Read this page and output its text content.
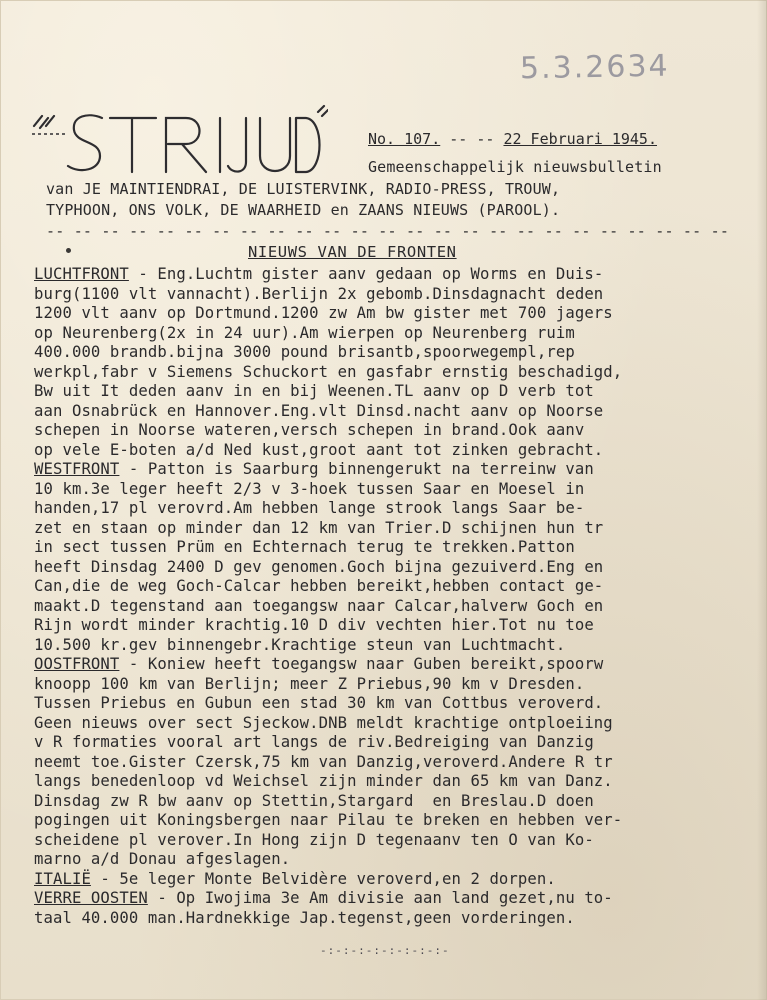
5.3.2634
No. 107. -- -- 22 Februari 1945.
Gemeenschappelijk nieuwsbulletin
van JE MAINTIENDRAI, DE LUISTERVINK, RADIO-PRESS, TROUW,
TYPHOON, ONS VOLK, DE WAARHEID en ZAANS NIEUWS (PAROOL).
-- -- -- -- -- -- -- -- -- -- -- -- -- -- -- -- -- -- -- -- -- -- -- -- --
NIEUWS VAN DE FRONTEN
LUCHTFRONT - Eng.Luchtm gister aanv gedaan op Worms en Duis-
burg(1100 vlt vannacht).Berlijn 2x gebomb.Dinsdagnacht deden
1200 vlt aanv op Dortmund.1200 zw Am bw gister met 700 jagers
op Neurenberg(2x in 24 uur).Am wierpen op Neurenberg ruim
400.000 brandb.bijna 3000 pound brisantb,spoorwegempl,rep
werkpl,fabr v Siemens Schuckort en gasfabr ernstig beschadigd,
Bw uit It deden aanv in en bij Weenen.TL aanv op D verb tot
aan Osnabrück en Hannover.Eng.vlt Dinsd.nacht aanv op Noorse
schepen in Noorse wateren,versch schepen in brand.Ook aanv
op vele E-boten a/d Ned kust,groot aant tot zinken gebracht.
WESTFRONT - Patton is Saarburg binnengerukt na terreinw van
10 km.3e leger heeft 2/3 v 3-hoek tussen Saar en Moesel in
handen,17 pl verovrd.Am hebben lange strook langs Saar be-
zet en staan op minder dan 12 km van Trier.D schijnen hun tr
in sect tussen Prüm en Echternach terug te trekken.Patton
heeft Dinsdag 2400 D gev genomen.Goch bijna gezuiverd.Eng en
Can,die de weg Goch-Calcar hebben bereikt,hebben contact ge-
maakt.D tegenstand aan toegangsw naar Calcar,halverw Goch en
Rijn wordt minder krachtig.10 D div vechten hier.Tot nu toe
10.500 kr.gev binnengebr.Krachtige steun van Luchtmacht.
OOSTFRONT - Koniew heeft toegangsw naar Guben bereikt,spoorw
knoopp 100 km van Berlijn; meer Z Priebus,90 km v Dresden.
Tussen Priebus en Gubun een stad 30 km van Cottbus veroverd.
Geen nieuws over sect Sjeckow.DNB meldt krachtige ontploeiing
v R formaties vooral art langs de riv.Bedreiging van Danzig
neemt toe.Gister Czersk,75 km van Danzig,veroverd.Andere R tr
langs benedenloop vd Weichsel zijn minder dan 65 km van Danz.
Dinsdag zw R bw aanv op Stettin,Stargard  en Breslau.D doen
pogingen uit Koningsbergen naar Pilau te breken en hebben ver-
scheidene pl verover.In Hong zijn D tegenaanv ten O van Ko-
marno a/d Donau afgeslagen.
ITALIË - 5e leger Monte Belvidère veroverd,en 2 dorpen.
VERRE OOSTEN - Op Iwojima 3e Am divisie aan land gezet,nu to-
taal 40.000 man.Hardnekkige Jap.tegenst,geen vorderingen.
-:-:-:-:-:-:-:-:-
